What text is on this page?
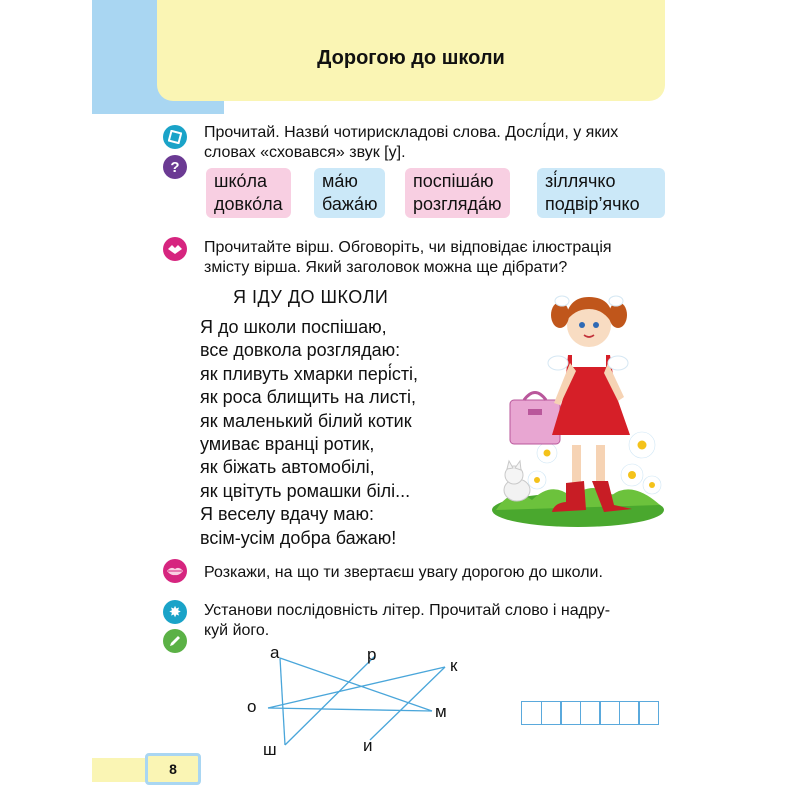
Дорогою до школи
?
Прочитай. Назви́ чотирискладові слова. Дослі́ди, у яких
словах «сховався» звук [у].
шко́ла
довко́ла
ма́ю
бажа́ю
поспіша́ю
розгляда́ю
зі́ллячко
подвір’ячко
Прочитайте вірш. Обговоріть, чи відповідає ілюстрація
змісту вірша. Який заголовок можна ще дібрати?
Я ІДУ ДО ШКОЛИ
Я до школи поспішаю,
все довкола розглядаю:
як пливуть хмарки пері́сті,
як роса блищить на листі,
як маленький білий котик
умиває вранці ротик,
як біжать автомобілі,
як цвітуть ромашки білі...
Я веселу вдачу маю:
всім-усім добра бажаю!
Розкажи, на що ти звертаєш увагу дорогою до школи.
✸	Установи послідовність літер. Прочитай слово і надру-
куй його.
а	р
к
о	м
ш	и
8
